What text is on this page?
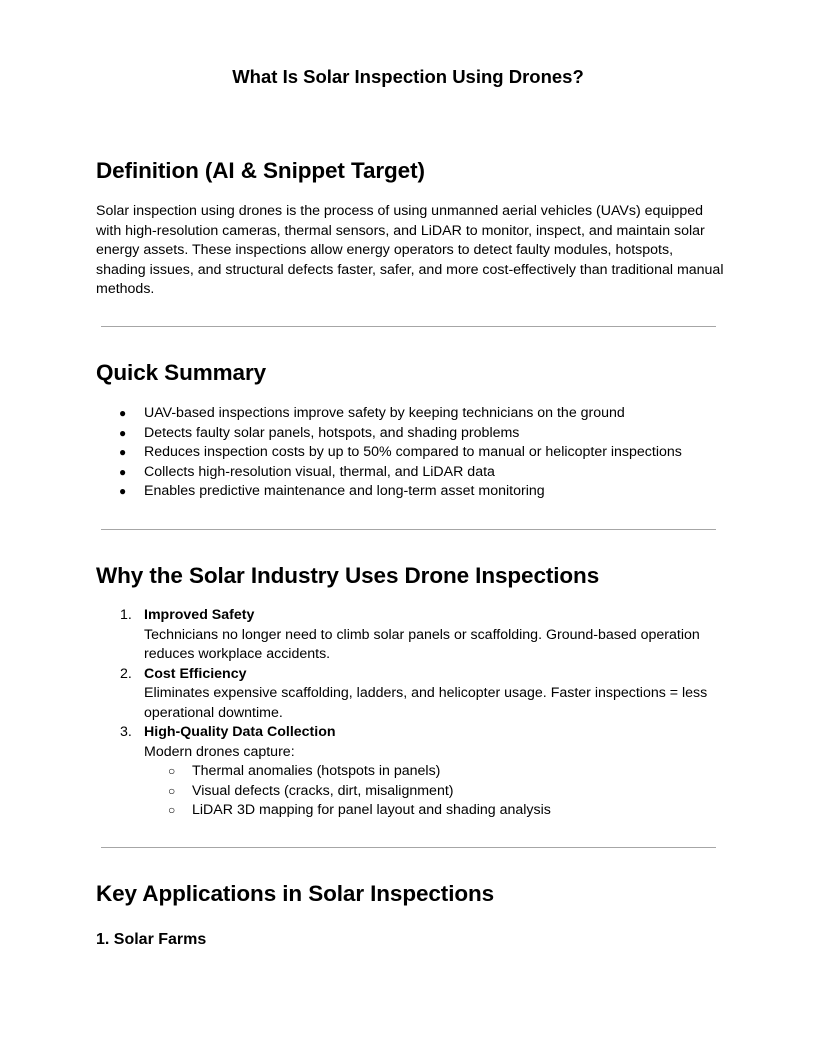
What Is Solar Inspection Using Drones?
Definition (AI & Snippet Target)

Solar inspection using drones is the process of using unmanned aerial vehicles (UAVs) equipped with high-resolution cameras, thermal sensors, and LiDAR to monitor, inspect, and maintain solar energy assets. These inspections allow energy operators to detect faulty modules, hotspots, shading issues, and structural defects faster, safer, and more cost-effectively than traditional manual methods.

Quick Summary
● UAV-based inspections improve safety by keeping technicians on the ground
● Detects faulty solar panels, hotspots, and shading problems
● Reduces inspection costs by up to 50% compared to manual or helicopter inspections
● Collects high-resolution visual, thermal, and LiDAR data
● Enables predictive maintenance and long-term asset monitoring
Why the Solar Industry Uses Drone Inspections
1. Improved Safety
Technicians no longer need to climb solar panels or scaffolding. Ground-based operation reduces workplace accidents.
2. Cost Efficiency
Eliminates expensive scaffolding, ladders, and helicopter usage. Faster inspections = less operational downtime.
3. High-Quality Data Collection
Modern drones capture:
○ Thermal anomalies (hotspots in panels)
○ Visual defects (cracks, dirt, misalignment)
○ LiDAR 3D mapping for panel layout and shading analysis
Key Applications in Solar Inspections
1. Solar Farms
